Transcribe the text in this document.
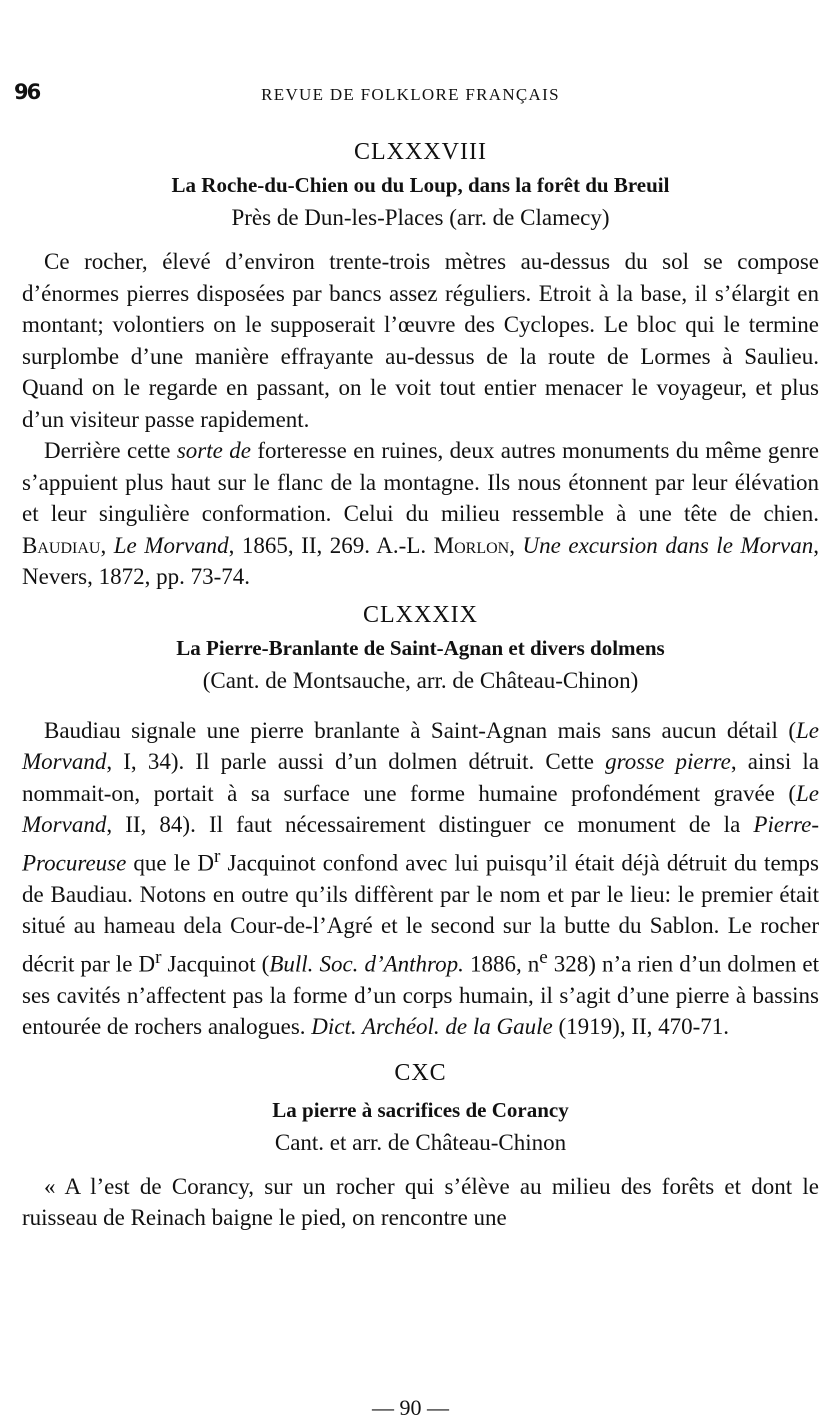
96	REVUE DE FOLKLORE FRANÇAIS
CLXXXVIII
La Roche-du-Chien ou du Loup, dans la forêt du Breuil
Près de Dun-les-Places (arr. de Clamecy)

Ce rocher, élevé d’environ trente-trois mètres au-dessus du sol se compose d’énormes pierres disposées par bancs assez réguliers. Etroit à la base, il s’élargit en montant; volontiers on le supposerait l’œuvre des Cyclopes. Le bloc qui le termine surplombe d’une manière effrayante au-dessus de la route de Lormes à Saulieu. Quand on le regarde en passant, on le voit tout entier menacer le voyageur, et plus d’un visiteur passe rapidement.

Derrière cette sorte de forteresse en ruines, deux autres monuments du même genre s’appuient plus haut sur le flanc de la montagne. Ils nous étonnent par leur élévation et leur singulière conformation. Celui du milieu ressemble à une tête de chien. Baudiau, Le Morvand, 1865, II, 269. A.-L. Morlon, Une excursion dans le Morvan, Nevers, 1872, pp. 73-74.

CLXXXIX
La Pierre-Branlante de Saint-Agnan et divers dolmens
(Cant. de Montsauche, arr. de Château-Chinon)

Baudiau signale une pierre branlante à Saint-Agnan mais sans aucun détail (Le Morvand, I, 34). Il parle aussi d’un dolmen détruit. Cette grosse pierre, ainsi la nommait-on, portait à sa surface une forme humaine profondément gravée (Le Morvand, II, 84). Il faut nécessairement distinguer ce monument de la Pierre-Procureuse que le $D^r$ Jacquinot confond avec lui puisqu’il était déjà détruit du temps de Baudiau. Notons en outre qu’ils diffèrent par le nom et par le lieu: le premier était situé au hameau dela Cour-de-l’Agré et le second sur la butte du Sablon. Le rocher décrit par le $D^r$ Jacquinot (Bull. Soc. d’Anthrop. 1886, $n^e$ 328) n’a rien d’un dolmen et ses cavités n’affectent pas la forme d’un corps humain, il s’agit d’une pierre à bassins entourée de rochers analogues. Dict. Archéol. de la Gaule (1919), II, 470-71.

CXC
La pierre à sacrifices de Corancy
Cant. et arr. de Château-Chinon

« A l’est de Corancy, sur un rocher qui s’élève au milieu des forêts et dont le ruisseau de Reinach baigne le pied, on rencontre une

— 90 —
